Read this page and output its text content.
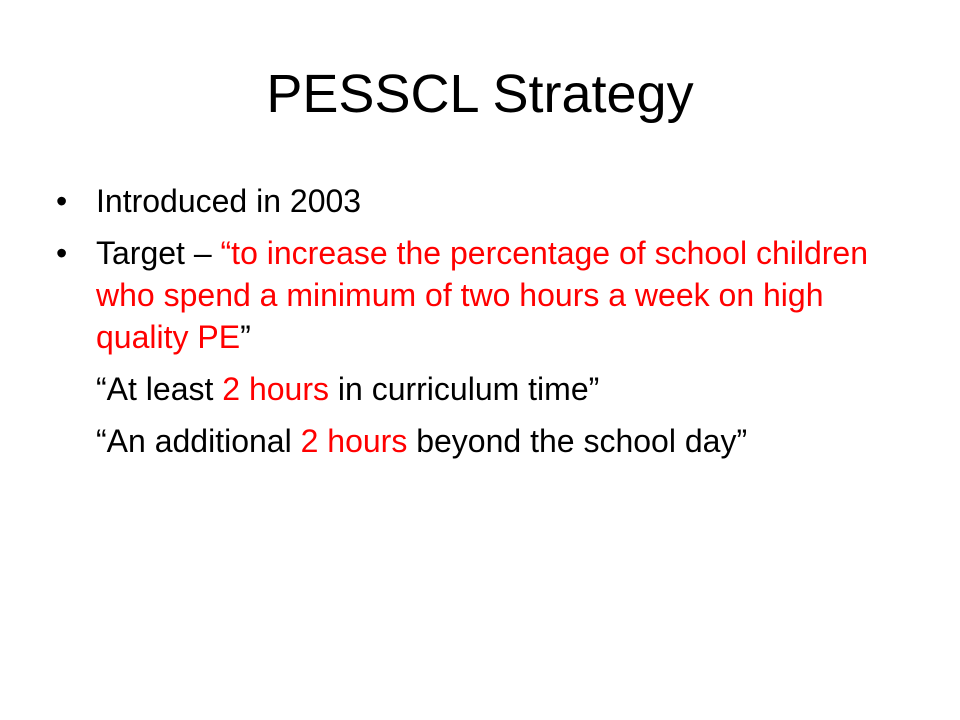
PESSCL Strategy
• Introduced in 2003
• Target – “to increase the percentage of school children who spend a minimum of two hours a week on high quality PE”
“At least 2 hours in curriculum time”
“An additional 2 hours beyond the school day”
